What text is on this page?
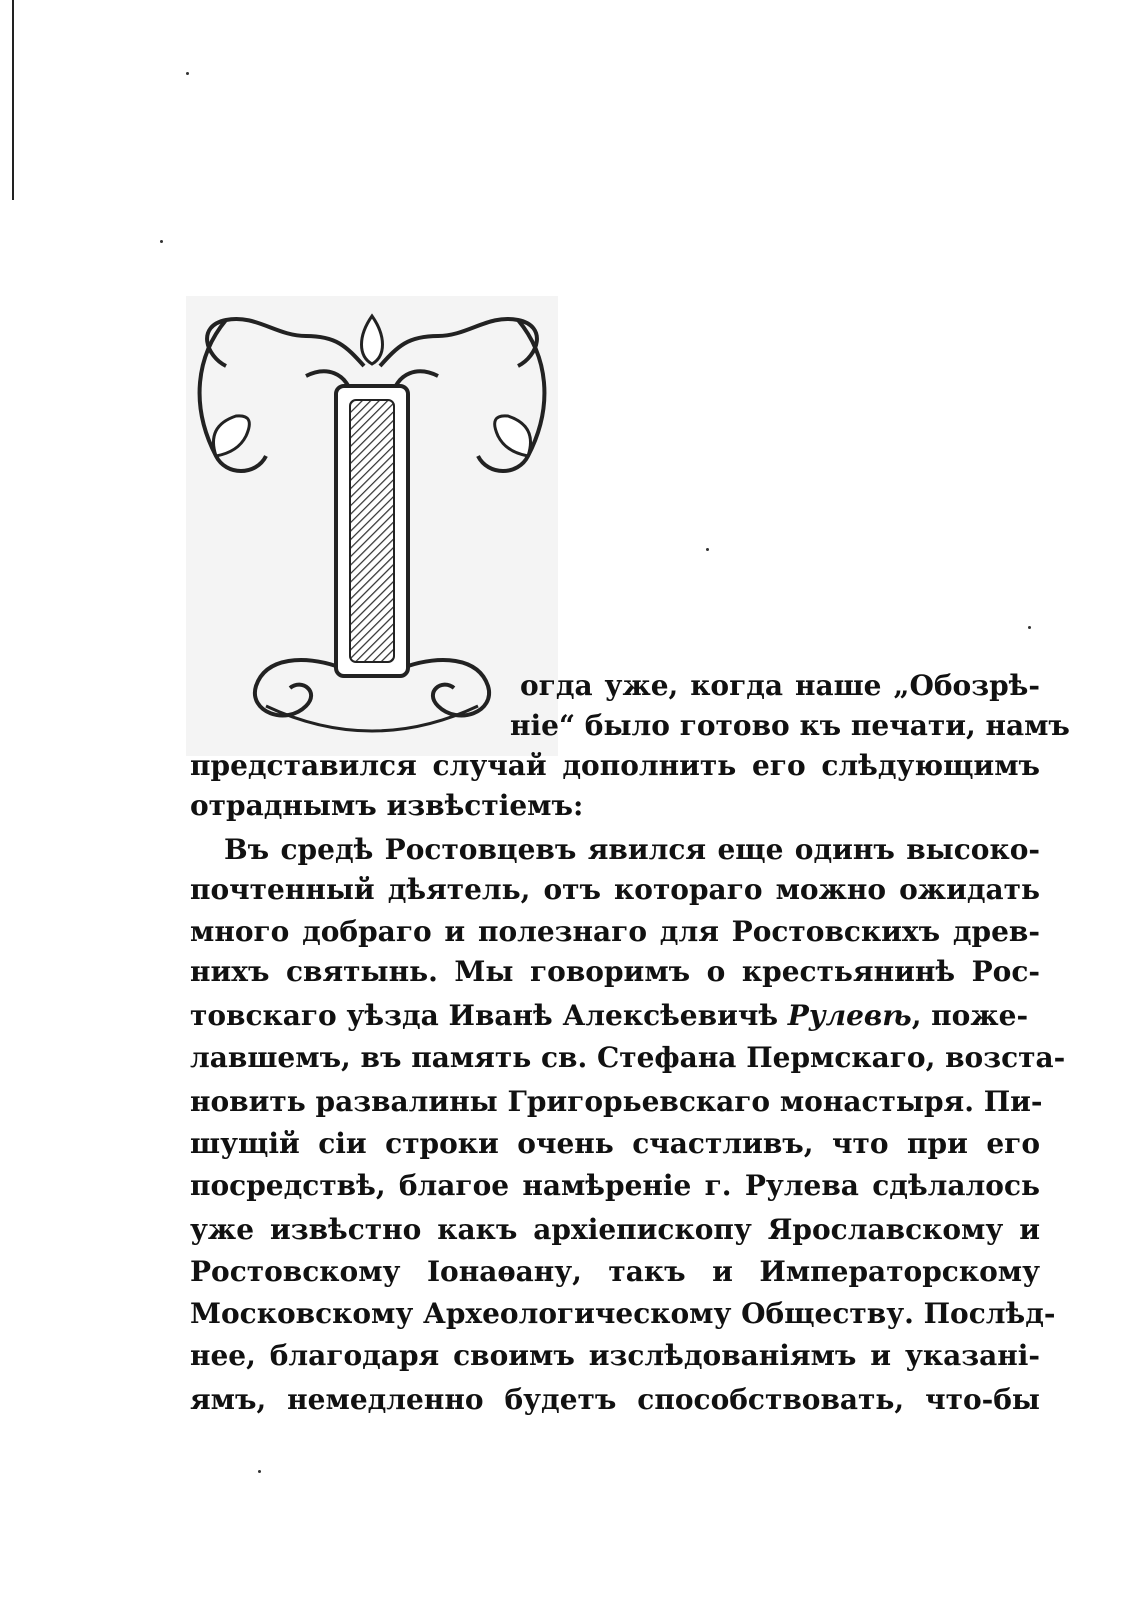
огда уже, когда наше „Обозрѣ-
ніе“ было готово къ печати, намъ
представился случай дополнить его слѣдующимъ
отраднымъ извѣстіемъ:
Въ средѣ Ростовцевъ явился еще одинъ высоко-
почтенный дѣятель, отъ котораго можно ожидать
много добраго и полезнаго для Ростовскихъ древ-
нихъ святынь. Мы говоримъ о крестьянинѣ Рос-
товскаго уѣзда Иванѣ Алексѣевичѣ Рулевѣ, поже-
лавшемъ, въ память св. Стефана Пермскаго, возста-
новить развалины Григорьевскаго монастыря. Пи-
шущій сіи строки очень счастливъ, что при его
посредствѣ, благое намѣреніе г. Рулева сдѣлалось
уже извѣстно какъ архіепископу Ярославскому и
Ростовскому Іонаѳану, такъ и Императорскому
Московскому Археологическому Обществу. Послѣд-
нее, благодаря своимъ изслѣдованіямъ и указані-
ямъ, немедленно будетъ способствовать, что-бы
